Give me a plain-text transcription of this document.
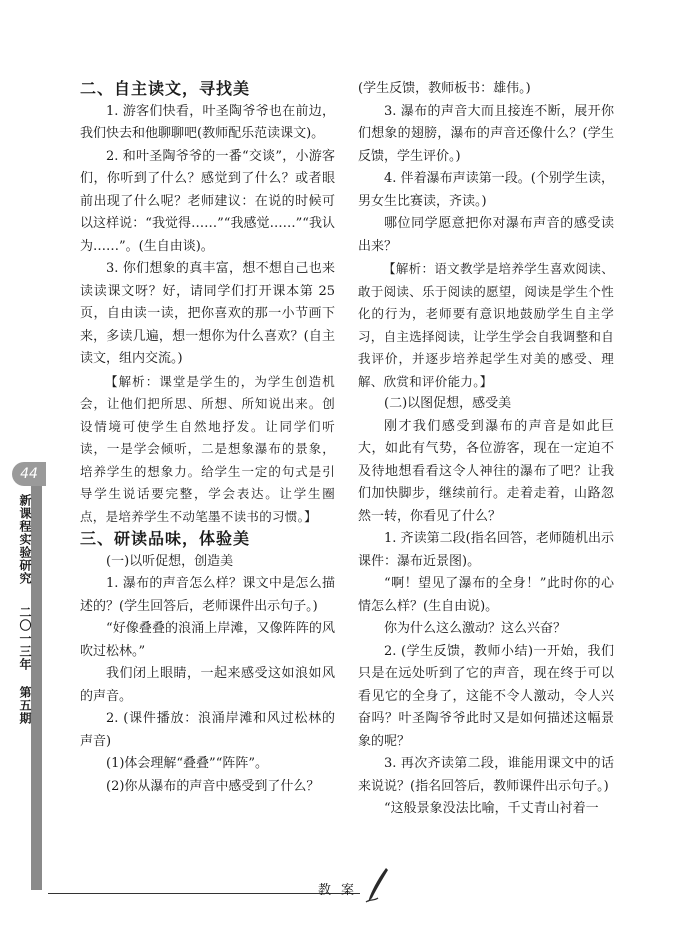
44
新课程实验研究
二〇一三年 第五期

二、自主读文，寻找美

1. 游客们快看，叶圣陶爷爷也在前边，我们快去和他聊聊吧(教师配乐范读课文)。

2. 和叶圣陶爷爷的一番“交谈”，小游客们，你听到了什么？感觉到了什么？或者眼前出现了什么呢？老师建议：在说的时候可以这样说：“我觉得……”“我感觉……”“我认为……”。(生自由谈)。

3. 你们想象的真丰富，想不想自己也来读读课文呀？好，请同学们打开课本第 25 页，自由读一读，把你喜欢的那一小节画下来，多读几遍，想一想你为什么喜欢？(自主读文，组内交流。)

【解析：课堂是学生的，为学生创造机会，让他们把所思、所想、所知说出来。创设情境可使学生自然地抒发。让同学们听读，一是学会倾听，二是想象瀑布的景象，培养学生的想象力。给学生一定的句式是引导学生说话要完整，学会表达。让学生圈点，是培养学生不动笔墨不读书的习惯。】

三、研读品味，体验美

(一)以听促想，创造美

1. 瀑布的声音怎么样？课文中是怎么描述的？(学生回答后，老师课件出示句子。)

“好像叠叠的浪涌上岸滩，又像阵阵的风吹过松林。”

我们闭上眼睛，一起来感受这如浪如风的声音。

2. (课件播放：浪涌岸滩和风过松林的声音)

(1)体会理解“叠叠”“阵阵”。

(2)你从瀑布的声音中感受到了什么？

(学生反馈，教师板书：雄伟。)

3. 瀑布的声音大而且接连不断，展开你们想象的翅膀，瀑布的声音还像什么？(学生反馈，学生评价。)

4. 伴着瀑布声读第一段。(个别学生读，男女生比赛读，齐读。)

哪位同学愿意把你对瀑布声音的感受读出来？

【解析：语文教学是培养学生喜欢阅读、敢于阅读、乐于阅读的愿望，阅读是学生个性化的行为，老师要有意识地鼓励学生自主学习，自主选择阅读，让学生学会自我调整和自我评价，并逐步培养起学生对美的感受、理解、欣赏和评价能力。】

(二)以图促想，感受美

刚才我们感受到瀑布的声音是如此巨大，如此有气势，各位游客，现在一定迫不及待地想看看这令人神往的瀑布了吧？让我们加快脚步，继续前行。走着走着，山路忽然一转，你看见了什么？

1. 齐读第二段(指名回答，老师随机出示课件：瀑布近景图)。

“啊！望见了瀑布的全身！”此时你的心情怎么样？(生自由说)。

你为什么这么激动？这么兴奋？

2. (学生反馈，教师小结)一开始，我们只是在远处听到了它的声音，现在终于可以看见它的全身了，这能不令人激动，令人兴奋吗？叶圣陶爷爷此时又是如何描述这幅景象的呢？

3. 再次齐读第二段，谁能用课文中的话来说说？(指名回答后，教师课件出示句子。)

“这般景象没法比喻，千丈青山衬着一

教案
